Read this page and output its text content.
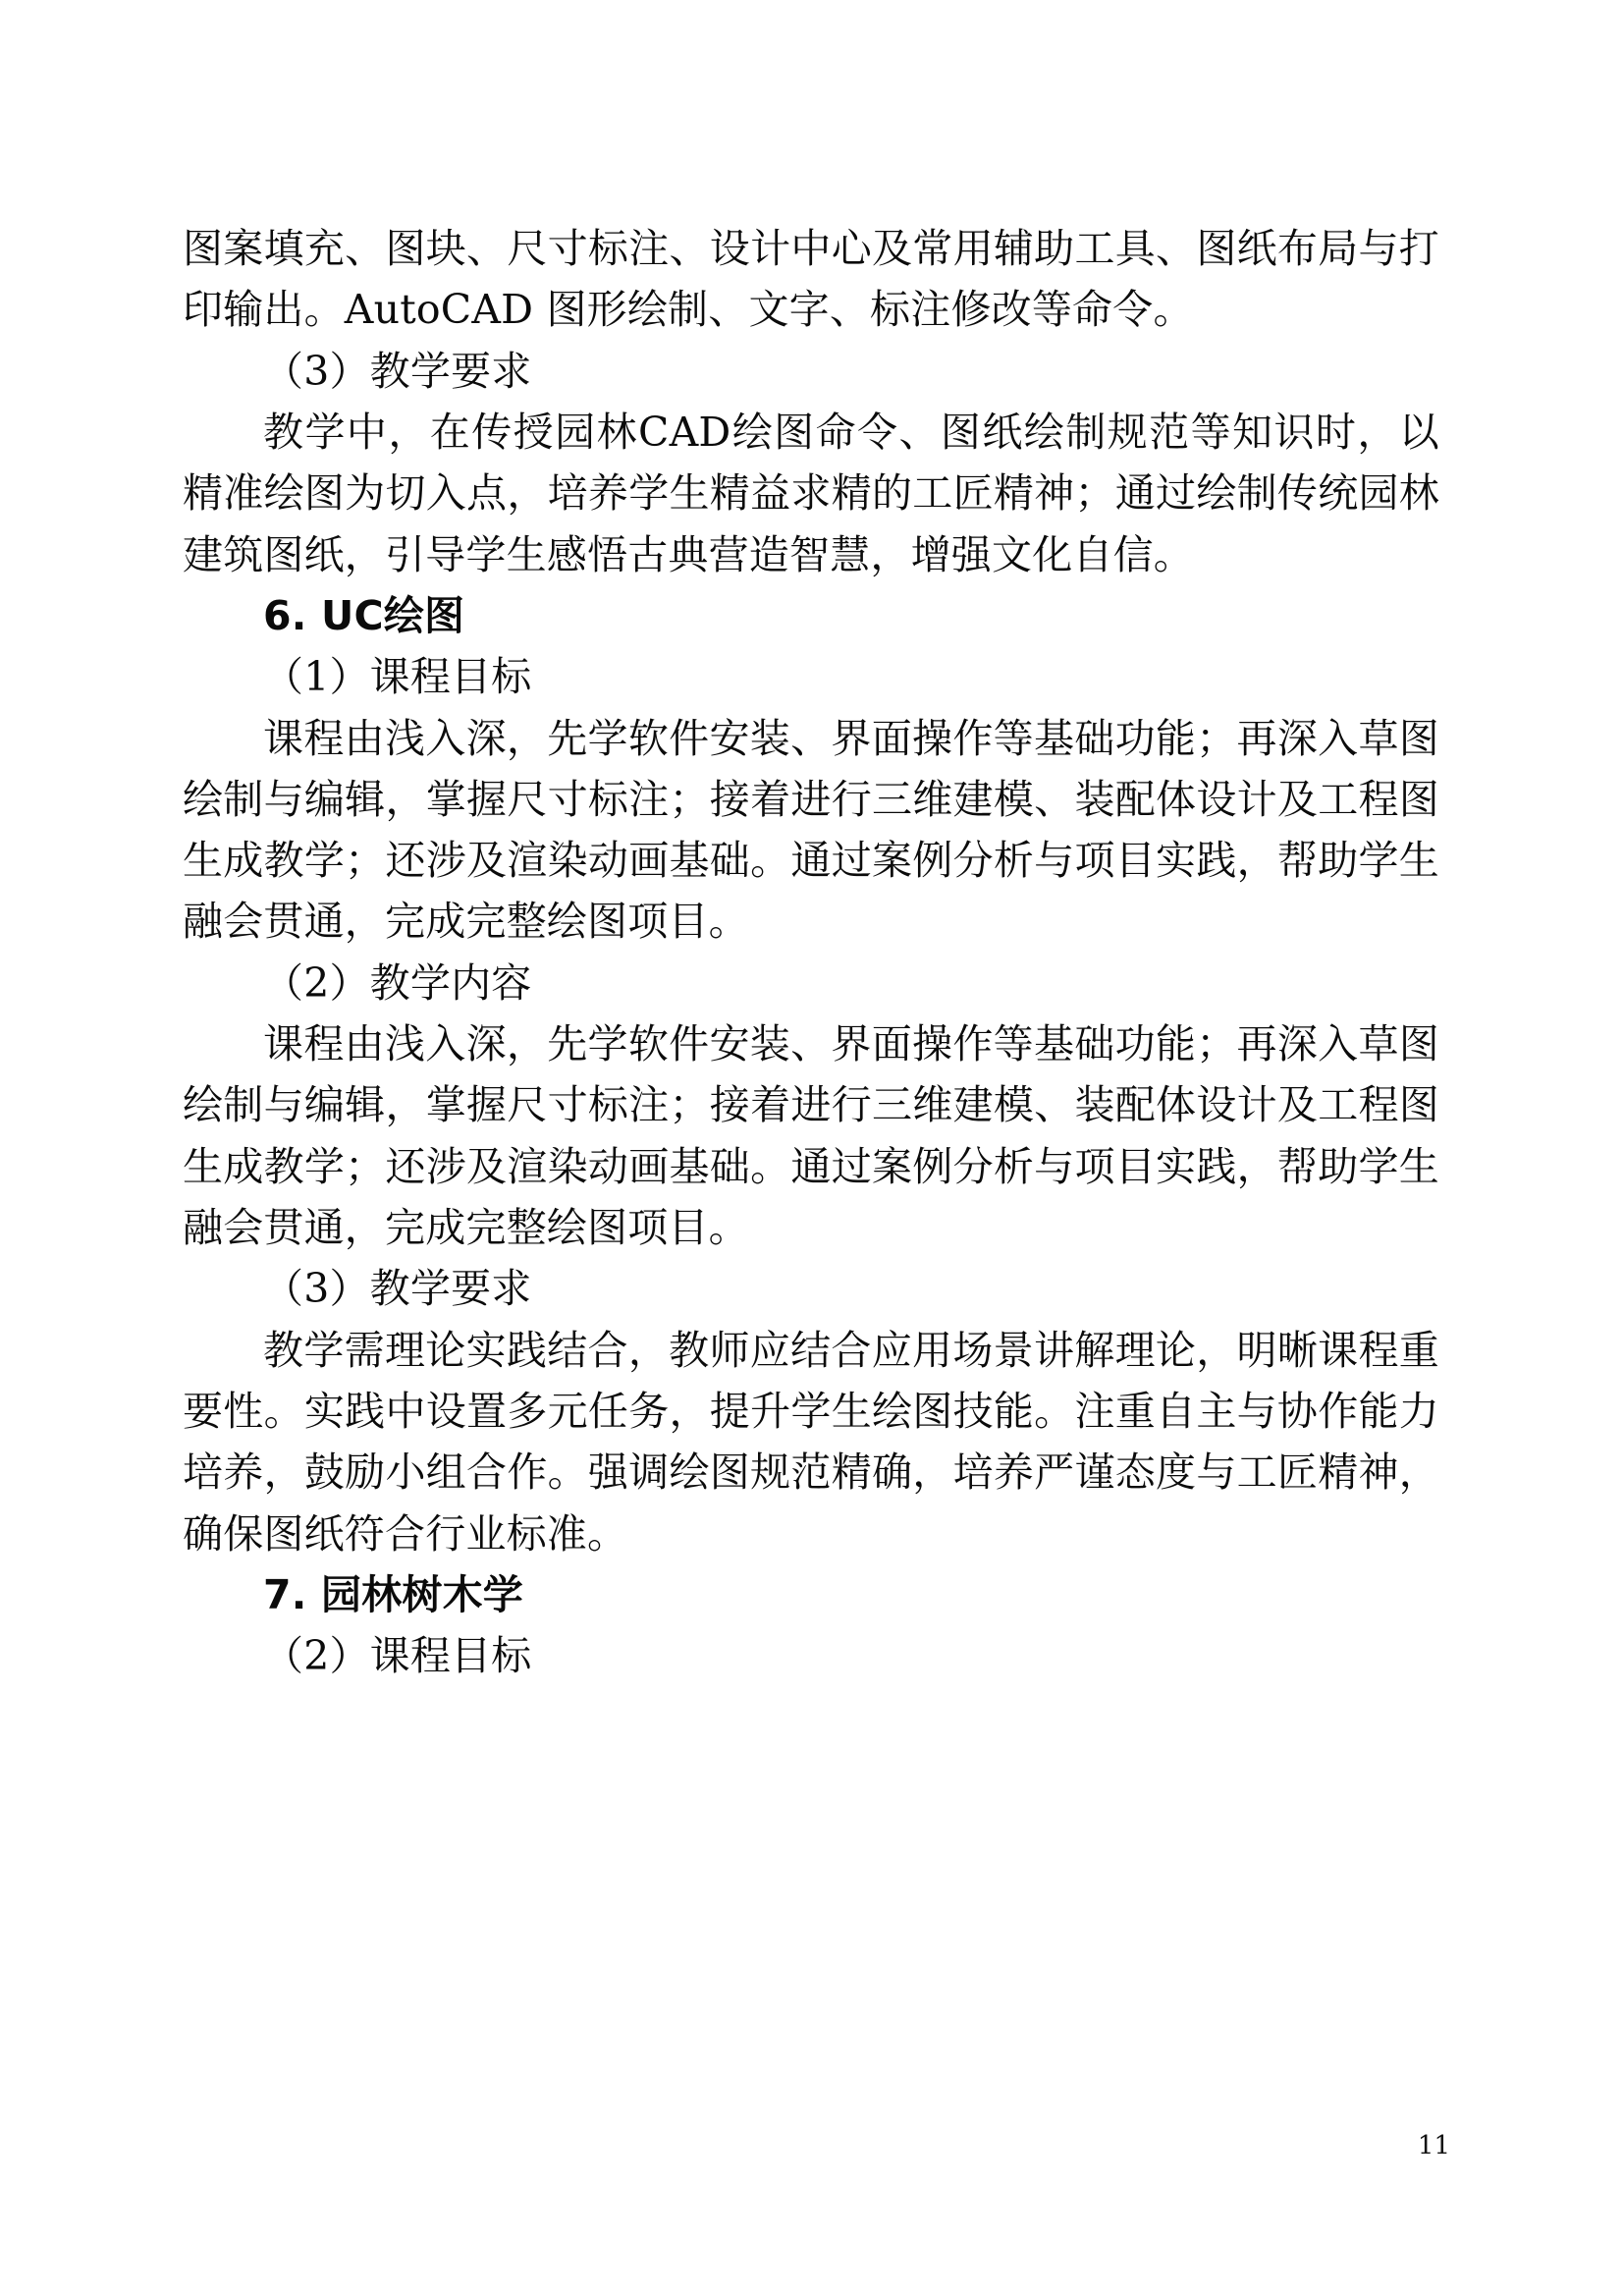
图案填充、图块、尺寸标注、设计中心及常用辅助工具、图纸布局与打印输出。AutoCAD 图形绘制、文字、标注修改等命令。

（3）教学要求

教学中，在传授园林CAD绘图命令、图纸绘制规范等知识时，以精准绘图为切入点，培养学生精益求精的工匠精神；通过绘制传统园林建筑图纸，引导学生感悟古典营造智慧，增强文化自信。

6. UC绘图

（1）课程目标

课程由浅入深，先学软件安装、界面操作等基础功能；再深入草图绘制与编辑，掌握尺寸标注；接着进行三维建模、装配体设计及工程图生成教学；还涉及渲染动画基础。通过案例分析与项目实践，帮助学生融会贯通，完成完整绘图项目。

（2）教学内容

课程由浅入深，先学软件安装、界面操作等基础功能；再深入草图绘制与编辑，掌握尺寸标注；接着进行三维建模、装配体设计及工程图生成教学；还涉及渲染动画基础。通过案例分析与项目实践，帮助学生融会贯通，完成完整绘图项目。

（3）教学要求

教学需理论实践结合，教师应结合应用场景讲解理论，明晰课程重要性。实践中设置多元任务，提升学生绘图技能。注重自主与协作能力培养，鼓励小组合作。强调绘图规范精确，培养严谨态度与工匠精神，确保图纸符合行业标准。

7. 园林树木学

（2）课程目标

11
